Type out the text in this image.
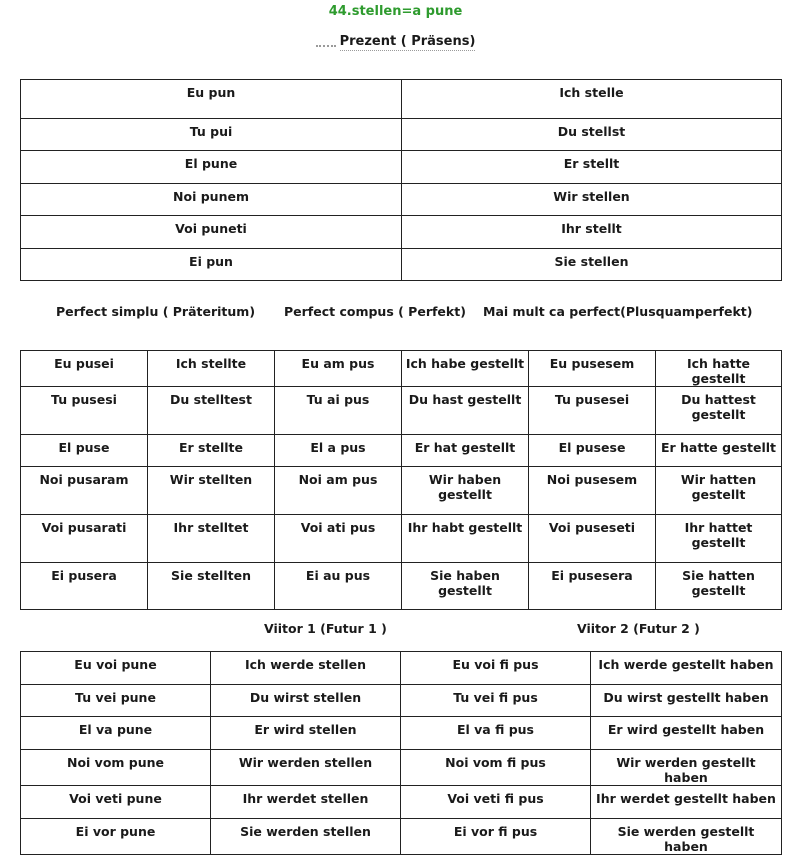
44.stellen=a pune
Prezent ( Präsens)
Eu pun	Ich stelle
Tu pui	Du stellst
El pune	Er stellt
Noi punem	Wir stellen
Voi puneti	Ihr stellt
Ei pun	Sie stellen
Perfect simplu ( Präteritum) Perfect compus ( Perfekt) Mai mult ca perfect(Plusquamperfekt)
Eu pusei	Ich stellte	Eu am pus	Ich habe gestellt	Eu pusesem	Ich hatte gestellt
Tu pusesi	Du stelltest	Tu ai pus	Du hast gestellt	Tu pusesei	Du hattest gestellt
El puse	Er stellte	El a pus	Er hat gestellt	El pusese	Er hatte gestellt
Noi pusaram	Wir stellten	Noi am pus	Wir haben gestellt	Noi pusesem	Wir hatten gestellt
Voi pusarati	Ihr stelltet	Voi ati pus	Ihr habt gestellt	Voi puseseti	Ihr hattet gestellt
Ei pusera	Sie stellten	Ei au pus	Sie haben gestellt	Ei pusesera	Sie hatten gestellt
Viitor 1 (Futur 1 )	Viitor 2 (Futur 2 )
Eu voi pune	Ich werde stellen	Eu voi fi pus	Ich werde gestellt haben
Tu vei pune	Du wirst stellen	Tu vei fi pus	Du wirst gestellt haben
El va pune	Er wird stellen	El va fi pus	Er wird gestellt haben
Noi vom pune	Wir werden stellen	Noi vom fi pus	Wir werden gestellt haben
Voi veti pune	Ihr werdet stellen	Voi veti fi pus	Ihr werdet gestellt haben
Ei vor pune	Sie werden stellen	Ei vor fi pus	Sie werden gestellt haben
